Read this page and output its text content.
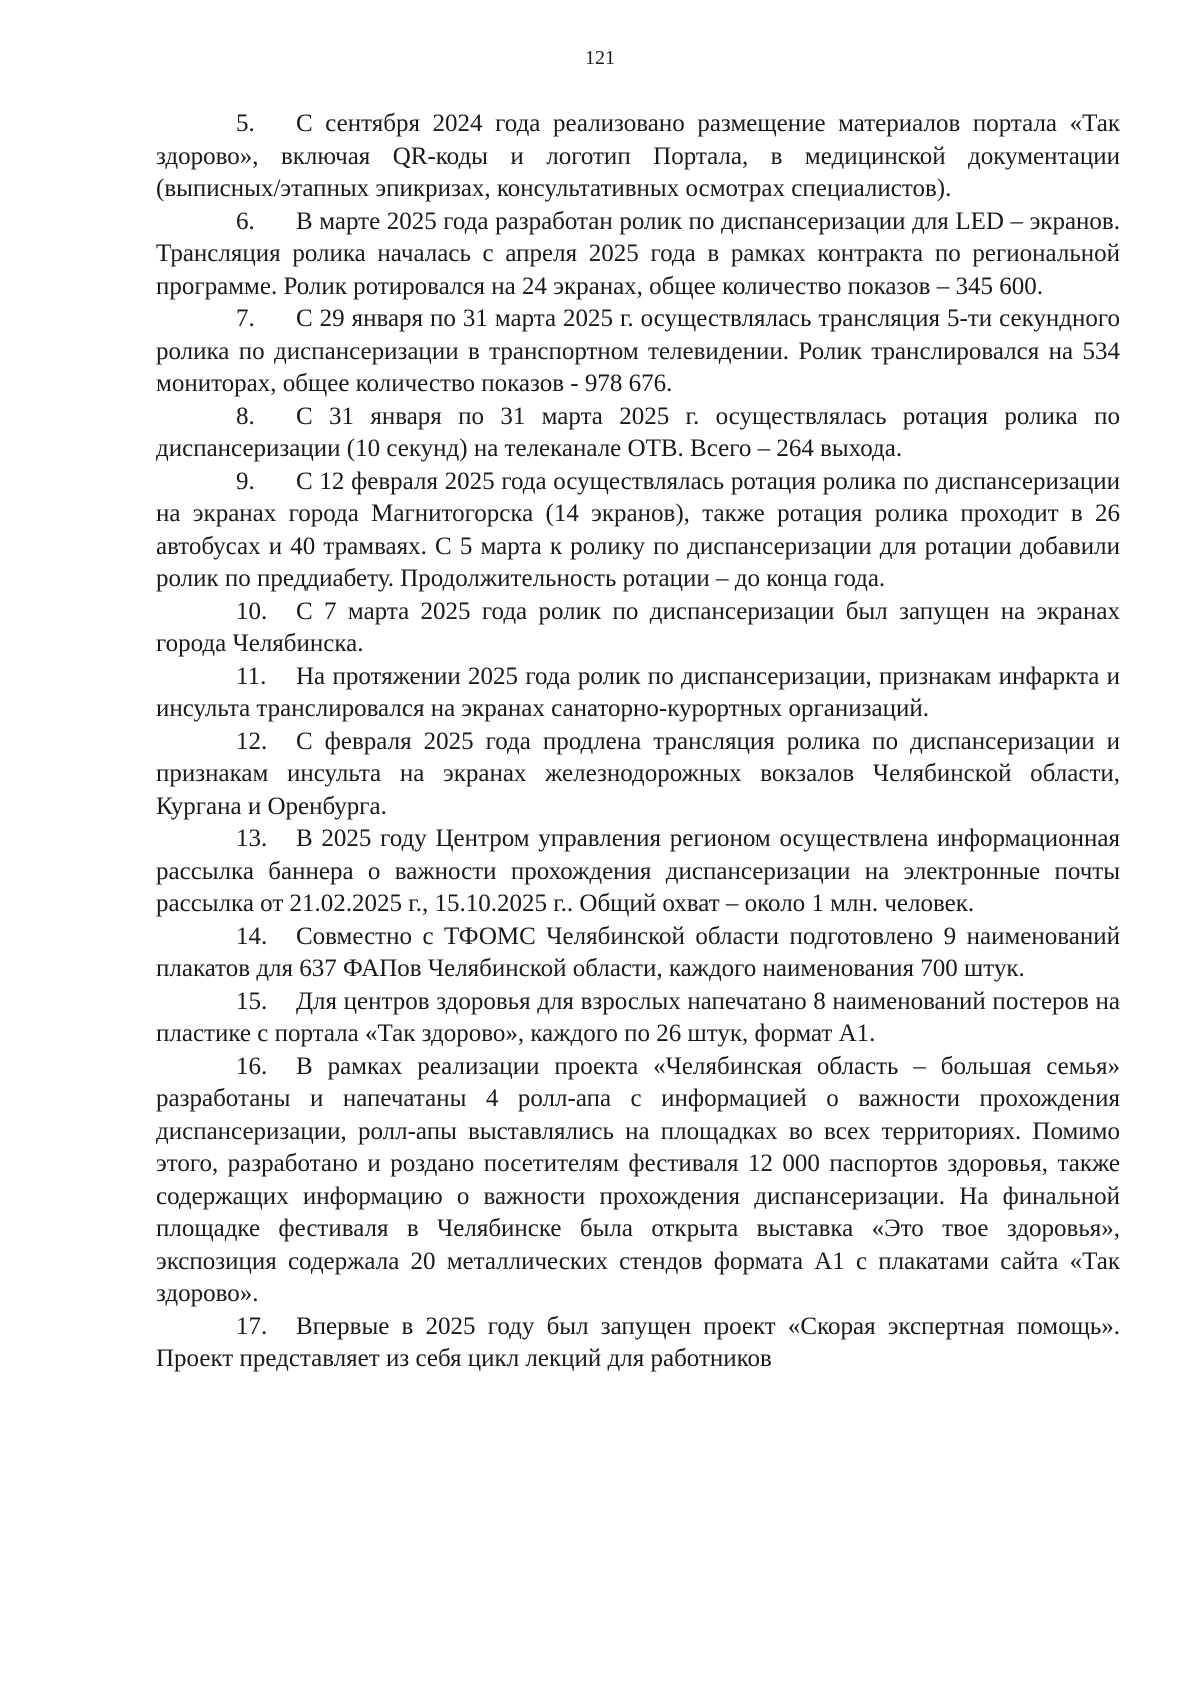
121

5. С сентября 2024 года реализовано размещение материалов портала «Так здорово», включая QR-коды и логотип Портала, в медицинской документации (выписных/этапных эпикризах, консультативных осмотрах специалистов).

6. В марте 2025 года разработан ролик по диспансеризации для LED – экранов. Трансляция ролика началась с апреля 2025 года в рамках контракта по региональной программе. Ролик ротировался на 24 экранах, общее количество показов – 345 600.

7. С 29 января по 31 марта 2025 г. осуществлялась трансляция 5-ти секундного ролика по диспансеризации в транспортном телевидении. Ролик транслировался на 534 мониторах, общее количество показов - 978 676.

8. С 31 января по 31 марта 2025 г. осуществлялась ротация ролика по диспансеризации (10 секунд) на телеканале ОТВ. Всего – 264 выхода.

9. С 12 февраля 2025 года осуществлялась ротация ролика по диспансеризации на экранах города Магнитогорска (14 экранов), также ротация ролика проходит в 26 автобусах и 40 трамваях. С 5 марта к ролику по диспансеризации для ротации добавили ролик по преддиабету. Продолжительность ротации – до конца года.

10. С 7 марта 2025 года ролик по диспансеризации был запущен на экранах города Челябинска.

11. На протяжении 2025 года ролик по диспансеризации, признакам инфаркта и инсульта транслировался на экранах санаторно-курортных организаций.

12. С февраля 2025 года продлена трансляция ролика по диспансеризации и признакам инсульта на экранах железнодорожных вокзалов Челябинской области, Кургана и Оренбурга.

13. В 2025 году Центром управления регионом осуществлена информационная рассылка баннера о важности прохождения диспансеризации на электронные почты рассылка от 21.02.2025 г., 15.10.2025 г.. Общий охват – около 1 млн. человек.

14. Совместно с ТФОМС Челябинской области подготовлено 9 наименований плакатов для 637 ФАПов Челябинской области, каждого наименования 700 штук.

15. Для центров здоровья для взрослых напечатано 8 наименований постеров на пластике с портала «Так здорово», каждого по 26 штук, формат А1.

16. В рамках реализации проекта «Челябинская область – большая семья» разработаны и напечатаны 4 ролл-апа с информацией о важности прохождения диспансеризации, ролл-апы выставлялись на площадках во всех территориях. Помимо этого, разработано и роздано посетителям фестиваля 12 000 паспортов здоровья, также содержащих информацию о важности прохождения диспансеризации. На финальной площадке фестиваля в Челябинске была открыта выставка «Это твое здоровья», экспозиция содержала 20 металлических стендов формата А1 с плакатами сайта «Так здорово».

17. Впервые в 2025 году был запущен проект «Скорая экспертная помощь». Проект представляет из себя цикл лекций для работников
